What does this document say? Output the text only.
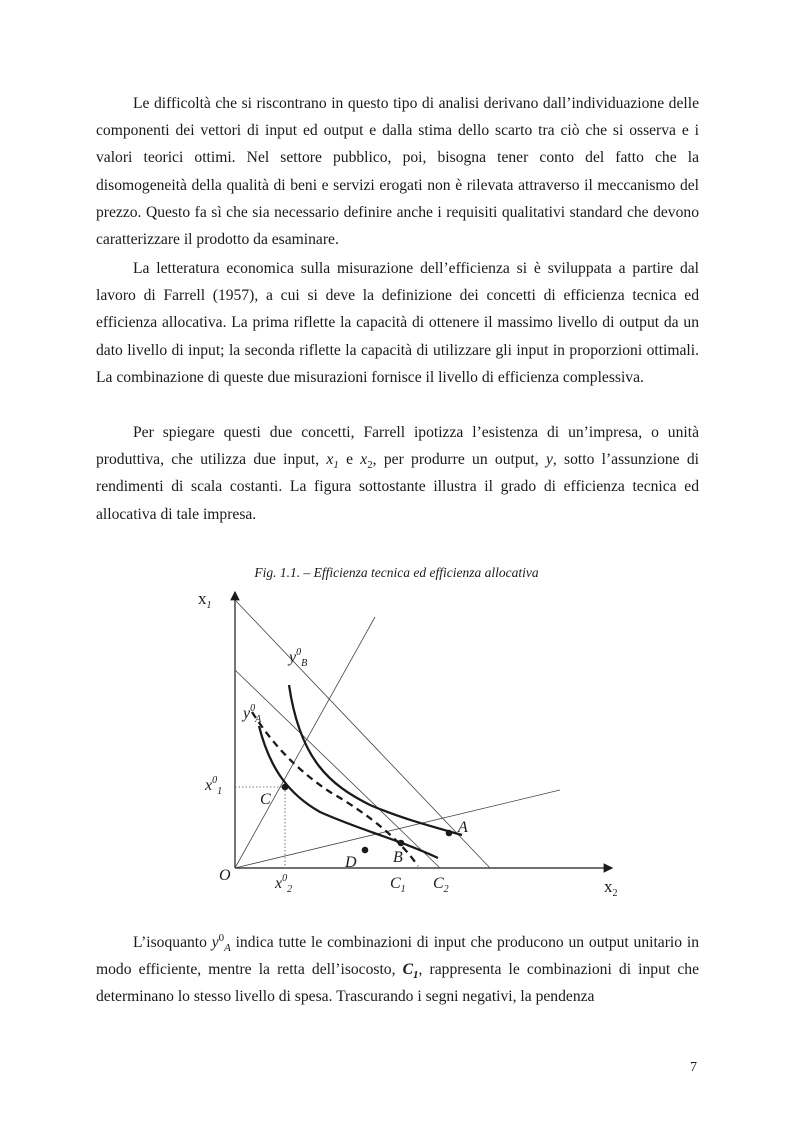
Le difficoltà che si riscontrano in questo tipo di analisi derivano dall’individuazione delle componenti dei vettori di input ed output e dalla stima dello scarto tra ciò che si osserva e i valori teorici ottimi. Nel settore pubblico, poi, bisogna tener conto del fatto che la disomogeneità della qualità di beni e servizi erogati non è rilevata attraverso il meccanismo del prezzo. Questo fa sì che sia necessario definire anche i requisiti qualitativi standard che devono caratterizzare il prodotto da esaminare.

La letteratura economica sulla misurazione dell’efficienza si è sviluppata a partire dal lavoro di Farrell (1957), a cui si deve la definizione dei concetti di efficienza tecnica ed efficienza allocativa. La prima riflette la capacità di ottenere il massimo livello di output da un dato livello di input; la seconda riflette la capacità di utilizzare gli input in proporzioni ottimali. La combinazione di queste due misurazioni fornisce il livello di efficienza complessiva.

Per spiegare questi due concetti, Farrell ipotizza l’esistenza di un’impresa, o unità produttiva, che utilizza due input, $x_1$ e $x_2$, per produrre un output, y, sotto l’assunzione di rendimenti di scala costanti. La figura sottostante illustra il grado di efficienza tecnica ed allocativa di tale impresa.

Fig. 1.1. – Efficienza tecnica ed efficienza allocativa

$x_1$
$x_2$
O
$y^0_B$
$y^0_A$
$x^0_1$
$x^0_2$
C
A
B
D
$C_1$ $C_2$

L’isoquanto $y^0_A$ indica tutte le combinazioni di input che producono un output unitario in modo efficiente, mentre la retta dell’isocosto, $C_1$, rappresenta le combinazioni di input che determinano lo stesso livello di spesa. Trascurando i segni negativi, la pendenza

7
